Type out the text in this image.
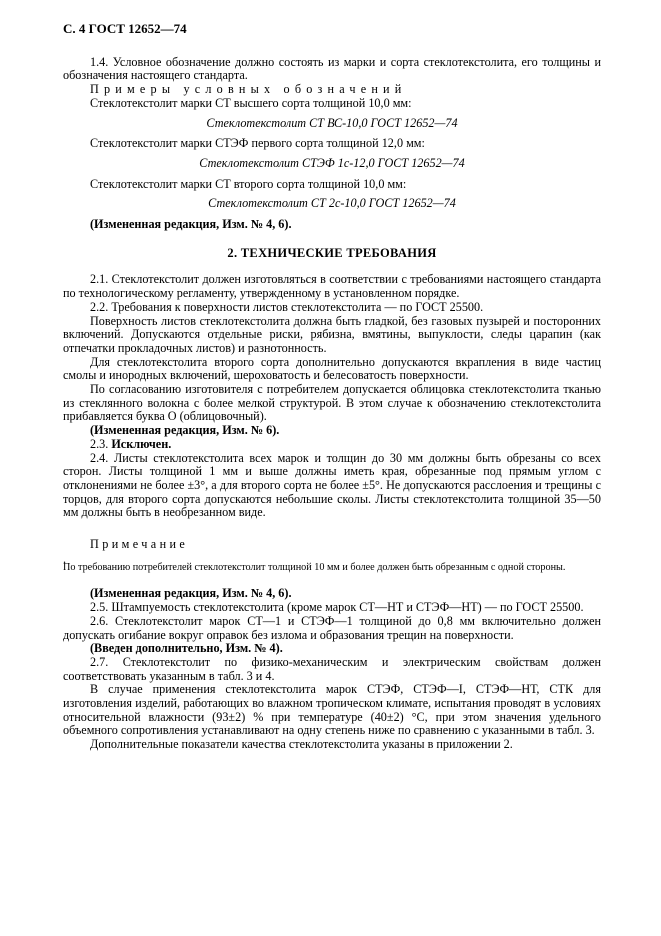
С. 4 ГОСТ 12652—74

1.4. Условное обозначение должно состоять из марки и сорта стеклотекстолита, его толщины и обозначения настоящего стандарта.

Примеры условных обозначений

Стеклотекстолит марки СТ высшего сорта толщиной 10,0 мм:

Стеклотекстолит СТ ВС-10,0 ГОСТ 12652—74

Стеклотекстолит марки СТЭФ первого сорта толщиной 12,0 мм:

Стеклотекстолит СТЭФ 1с-12,0 ГОСТ 12652—74

Стеклотекстолит марки СТ второго сорта толщиной 10,0 мм:

Стеклотекстолит СТ 2с-10,0 ГОСТ 12652—74

(Измененная редакция, Изм. № 4, 6).

2. ТЕХНИЧЕСКИЕ ТРЕБОВАНИЯ

2.1. Стеклотекстолит должен изготовляться в соответствии с требованиями настоящего стандарта по технологическому регламенту, утвержденному в установленном порядке.

2.2. Требования к поверхности листов стеклотекстолита — по ГОСТ 25500.

Поверхность листов стеклотекстолита должна быть гладкой, без газовых пузырей и посторонних включений. Допускаются отдельные риски, рябизна, вмятины, выпуклости, следы царапин (как отпечатки прокладочных листов) и разнотонность.

Для стеклотекстолита второго сорта дополнительно допускаются вкрапления в виде частиц смолы и инородных включений, шероховатость и белесоватость поверхности.

По согласованию изготовителя с потребителем допускается облицовка стеклотекстолита тканью из стеклянного волокна с более мелкой структурой. В этом случае к обозначению стеклотекстолита прибавляется буква О (облицовочный).

(Измененная редакция, Изм. № 6).

2.3. Исключен.

2.4. Листы стеклотекстолита всех марок и толщин до 30 мм должны быть обрезаны со всех сторон. Листы толщиной 1 мм и выше должны иметь края, обрезанные под прямым углом с отклонениями не более ±3°, а для второго сорта не более ±5°. Не допускаются расслоения и трещины с торцов, для второго сорта допускаются небольшие сколы. Листы стеклотекстолита толщиной 35—50 мм должны быть в необрезанном виде.

Примечание

.

По требованию потребителей стеклотекстолит толщиной 10 мм и более должен быть обрезанным с одной стороны.

(Измененная редакция, Изм. № 4, 6).

2.5. Штампуемость стеклотекстолита (кроме марок СТ—НТ и СТЭФ—НТ) — по ГОСТ 25500.

2.6. Стеклотекстолит марок СТ—1 и СТЭФ—1 толщиной до 0,8 мм включительно должен допускать огибание вокруг оправок без излома и образования трещин на поверхности.

(Введен дополнительно, Изм. № 4).

2.7. Стеклотекстолит по физико-механическим и электрическим свойствам должен соответствовать указанным в табл. 3 и 4.

В случае применения стеклотекстолита марок СТЭФ, СТЭФ—I, СТЭФ—НТ, СТК для изготовления изделий, работающих во влажном тропическом климате, испытания проводят в условиях относительной влажности (93±2) % при температуре (40±2) °С, при этом значения удельного объемного сопротивления устанавливают на одну степень ниже по сравнению с указанными в табл. 3.

Дополнительные показатели качества стеклотекстолита указаны в приложении 2.
